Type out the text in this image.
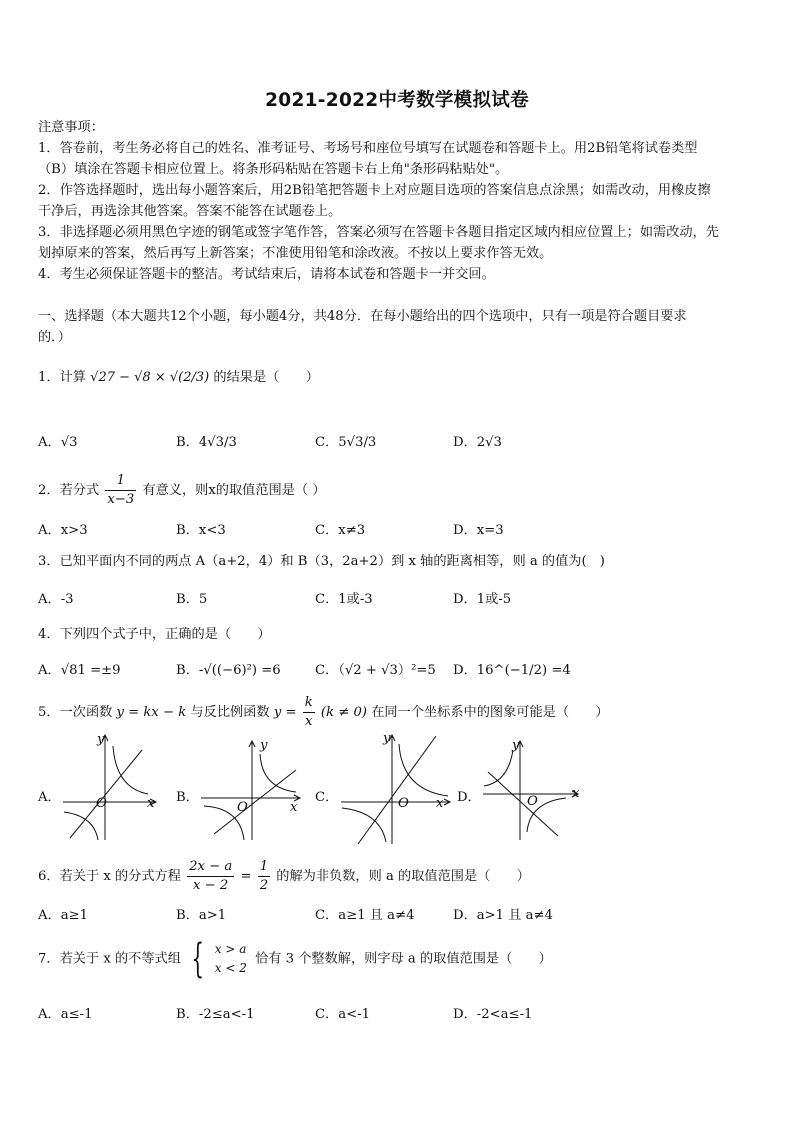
2021-2022中考数学模拟试卷
注意事项：
1．答卷前，考生务必将自己的姓名、准考证号、考场号和座位号填写在试题卷和答题卡上。用2B铅笔将试卷类型
（B）填涂在答题卡相应位置上。将条形码粘贴在答题卡右上角"条形码粘贴处"。
2．作答选择题时，选出每小题答案后，用2B铅笔把答题卡上对应题目选项的答案信息点涂黑；如需改动，用橡皮擦
干净后，再选涂其他答案。答案不能答在试题卷上。
3．非选择题必须用黑色字迹的钢笔或签字笔作答，答案必须写在答题卡各题目指定区域内相应位置上；如需改动，先
划掉原来的答案，然后再写上新答案；不准使用铅笔和涂改液。不按以上要求作答无效。
4．考生必须保证答题卡的整洁。考试结束后，请将本试卷和答题卡一并交回。
一、选择题（本大题共12个小题，每小题4分，共48分．在每小题给出的四个选项中，只有一项是符合题目要求
的．）
1．计算 √27 − √8 × √(2/3) 的结果是（　　）
A．√3	B．4√3/3	C．5√3/3	D．2√3
2．若分式 $\frac{1}{x-3}$ 有意义，则x的取值范围是（ ）
A．x>3	B．x<3	C．x≠3	D．x=3
3．已知平面内不同的两点 A（a+2，4）和 B（3，2a+2）到 x 轴的距离相等，则 a 的值为(　)
A．-3	B．5	C．1或-3	D．1或-5
4．下列四个式子中，正确的是（　　）
A．√81 =±9	B．-√((−6)²) =6	C．（√2 + √3）²=5 D．16^(−1/2) =4
5．一次函数 y = kx − k 与反比例函数 $y = \frac{k}{x} (k \ne 0)$ 在同一个坐标系中的图象可能是（　　）
A．	B．	C．	D．
y
x
O
y
x
O
y
x
O
y
x
O
6．若关于 x 的分式方程 $\frac{2x - a}{x - 2} = \frac{1}{2}$ 的解为非负数，则 a 的取值范围是（　　）
A．a≥1	B．a>1	C．a≥1 且 a≠4	D．a>1 且 a≠4
7．若关于 x 的不等式组 { x > a
x < 2
恰有 3 个整数解，则字母 a 的取值范围是（　　）
A．a≤-1	B．-2≤a<-1	C．a<-1	D．-2<a≤-1
